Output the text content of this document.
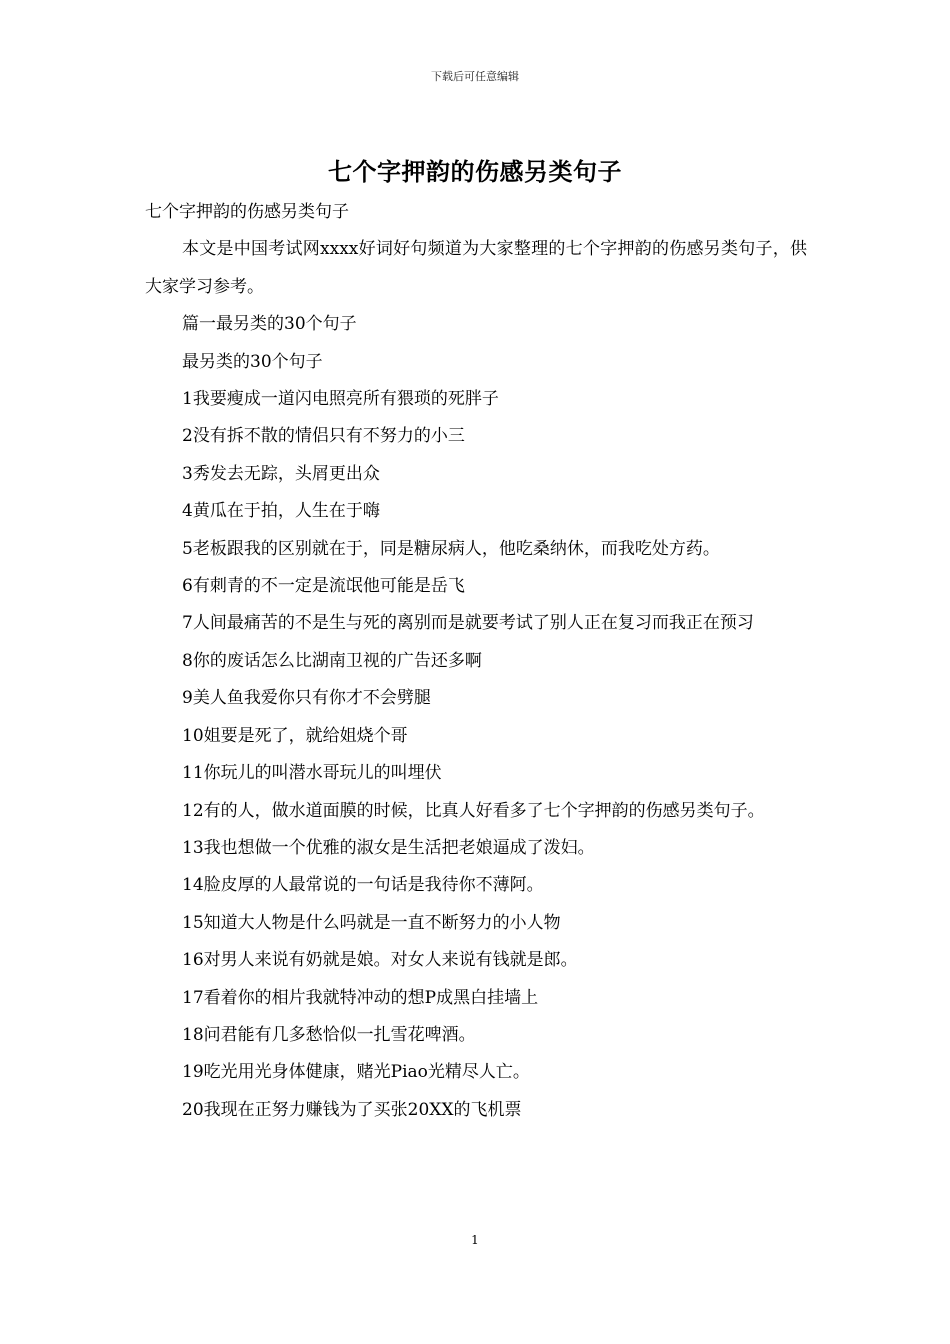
下载后可任意编辑
七个字押韵的伤感另类句子

七个字押韵的伤感另类句子

本文是中国考试网xxxx好词好句频道为大家整理的七个字押韵的伤感另类句子，供大家学习参考。

篇一最另类的30个句子

最另类的30个句子

1我要瘦成一道闪电照亮所有猥琐的死胖子

2没有拆不散的情侣只有不努力的小三

3秀发去无踪，头屑更出众

4黄瓜在于拍，人生在于嗨

5老板跟我的区别就在于，同是糖尿病人，他吃桑纳休，而我吃处方药。

6有刺青的不一定是流氓他可能是岳飞

7人间最痛苦的不是生与死的离别而是就要考试了别人正在复习而我正在预习

8你的废话怎么比湖南卫视的广告还多啊

9美人鱼我爱你只有你才不会劈腿

10姐要是死了，就给姐烧个哥

11你玩儿的叫潜水哥玩儿的叫埋伏

12有的人，做水道面膜的时候，比真人好看多了七个字押韵的伤感另类句子。

13我也想做一个优雅的淑女是生活把老娘逼成了泼妇。

14脸皮厚的人最常说的一句话是我待你不薄阿。

15知道大人物是什么吗就是一直不断努力的小人物

16对男人来说有奶就是娘。对女人来说有钱就是郎。

17看着你的相片我就特冲动的想P成黑白挂墙上

18问君能有几多愁恰似一扎雪花啤酒。

19吃光用光身体健康，赌光Piao光精尽人亡。

20我现在正努力赚钱为了买张20XX的飞机票

1
